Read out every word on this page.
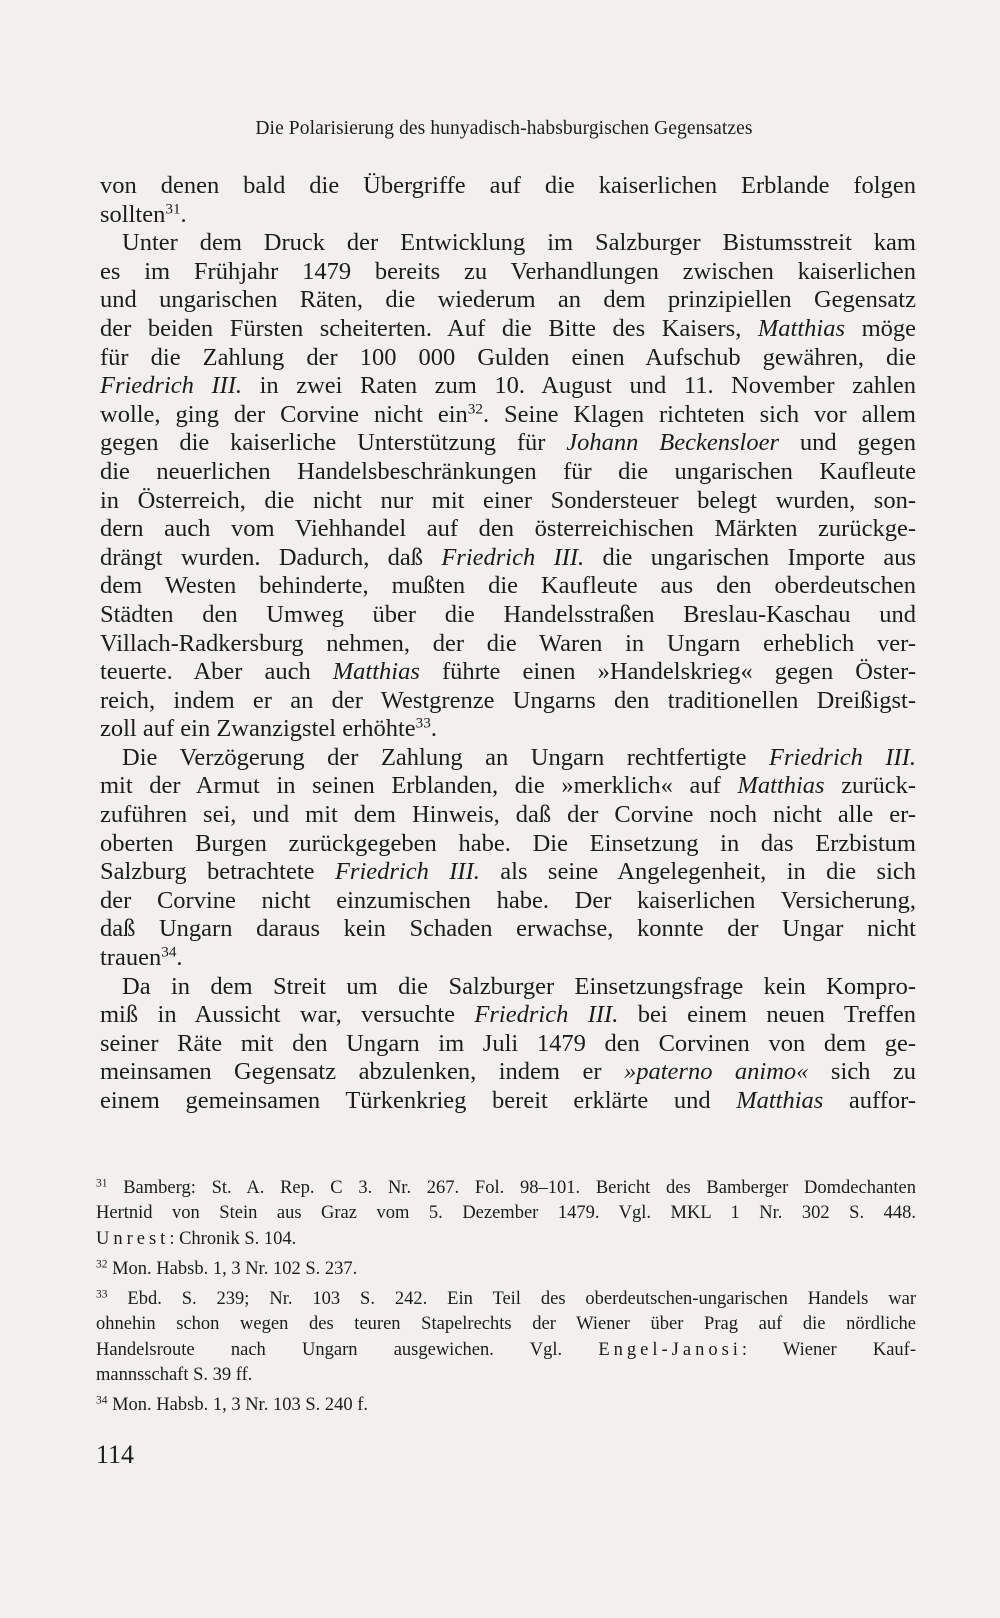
Die Polarisierung des hunyadisch-habsburgischen Gegensatzes
von denen bald die Übergriffe auf die kaiserlichen Erblande folgen
sollten$^{31}$.
Unter dem Druck der Entwicklung im Salzburger Bistumsstreit kam
es im Frühjahr 1479 bereits zu Verhandlungen zwischen kaiserlichen
und ungarischen Räten, die wiederum an dem prinzipiellen Gegensatz
der beiden Fürsten scheiterten. Auf die Bitte des Kaisers, Matthias möge
für die Zahlung der 100 000 Gulden einen Aufschub gewähren, die
Friedrich III. in zwei Raten zum 10. August und 11. November zahlen
wolle, ging der Corvine nicht ein$^{32}$. Seine Klagen richteten sich vor allem
gegen die kaiserliche Unterstützung für Johann Beckensloer und gegen
die neuerlichen Handelsbeschränkungen für die ungarischen Kaufleute
in Österreich, die nicht nur mit einer Sondersteuer belegt wurden, son-
dern auch vom Viehhandel auf den österreichischen Märkten zurückge-
drängt wurden. Dadurch, daß Friedrich III. die ungarischen Importe aus
dem Westen behinderte, mußten die Kaufleute aus den oberdeutschen
Städten den Umweg über die Handelsstraßen Breslau-Kaschau und
Villach-Radkersburg nehmen, der die Waren in Ungarn erheblich ver-
teuerte. Aber auch Matthias führte einen »Handelskrieg« gegen Öster-
reich, indem er an der Westgrenze Ungarns den traditionellen Dreißigst-
zoll auf ein Zwanzigstel erhöhte$^{33}$.
Die Verzögerung der Zahlung an Ungarn rechtfertigte Friedrich III.
mit der Armut in seinen Erblanden, die »merklich« auf Matthias zurück-
zuführen sei, und mit dem Hinweis, daß der Corvine noch nicht alle er-
oberten Burgen zurückgegeben habe. Die Einsetzung in das Erzbistum
Salzburg betrachtete Friedrich III. als seine Angelegenheit, in die sich
der Corvine nicht einzumischen habe. Der kaiserlichen Versicherung,
daß Ungarn daraus kein Schaden erwachse, konnte der Ungar nicht
trauen$^{34}$.
Da in dem Streit um die Salzburger Einsetzungsfrage kein Kompro-
miß in Aussicht war, versuchte Friedrich III. bei einem neuen Treffen
seiner Räte mit den Ungarn im Juli 1479 den Corvinen von dem ge-
meinsamen Gegensatz abzulenken, indem er »paterno animo« sich zu
einem gemeinsamen Türkenkrieg bereit erklärte und Matthias auffor-
$^{31}$ Bamberg: St. A. Rep. C 3. Nr. 267. Fol. 98–101. Bericht des Bamberger Domdechanten
Hertnid von Stein aus Graz vom 5. Dezember 1479. Vgl. MKL 1 Nr. 302 S. 448.
Unrest: Chronik S. 104.
$^{32}$ Mon. Habsb. 1, 3 Nr. 102 S. 237.
$^{33}$ Ebd. S. 239; Nr. 103 S. 242. Ein Teil des oberdeutschen-ungarischen Handels war
ohnehin schon wegen des teuren Stapelrechts der Wiener über Prag auf die nördliche
Handelsroute nach Ungarn ausgewichen. Vgl. Engel-Janosi: Wiener Kauf-
mannsschaft S. 39 ff.
$^{34}$ Mon. Habsb. 1, 3 Nr. 103 S. 240 f.
114
